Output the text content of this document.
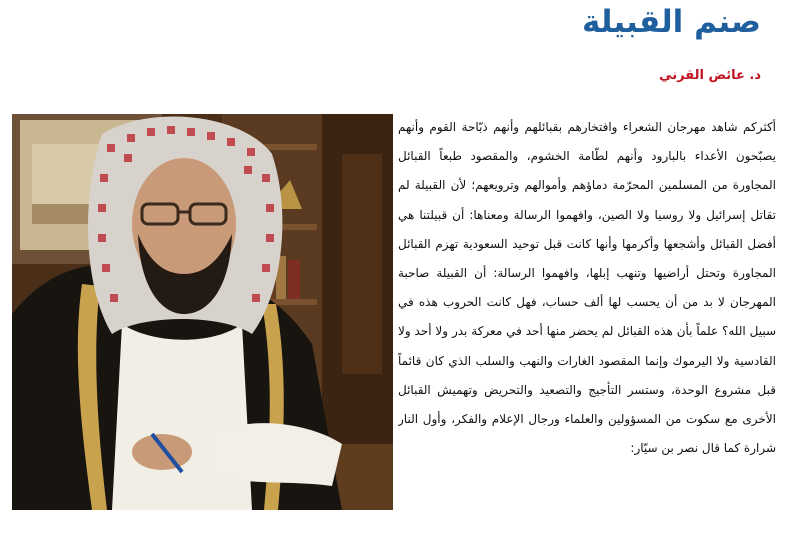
صنم القبيلة
د. عائض القرني

أكثركم شاهد مهرجان الشعراء وافتخارهم بقبائلهم وأنهم ذبّاحة القوم وأنهم يصبّحون الأعداء بالبارود وأنهم لطّامة الخشوم، والمقصود طبعاً القبائل المجاورة من المسلمين المحرّمة دماؤهم وأموالهم وترويعهم؛ لأن القبيلة لم تقاتل إسرائيل ولا روسيا ولا الصين، وافهموا الرسالة ومعناها: أن قبيلتنا هي أفضل القبائل وأشجعها وأكرمها وأنها كانت قبل توحيد السعودية تهزم القبائل المجاورة وتحتل أراضيها وتنهب إبلها، وافهموا الرسالة: أن القبيلة صاحبة المهرجان لا بد من أن يحسب لها ألف حساب، فهل كانت الحروب هذه في سبيل الله؟ علماً بأن هذه القبائل لم يحضر منها أحد في معركة بدر ولا أحد ولا القادسية ولا اليرموك وإنما المقصود الغارات والنهب والسلب الذي كان قائماً قبل مشروع الوحدة، وستسر التأجيج والتصعيد والتحريض وتهميش القبائل الأخرى مع سكوت من المسؤولين والعلماء ورجال الإعلام والفكر، وأول النار شرارة كما قال نصر بن سيّار:
